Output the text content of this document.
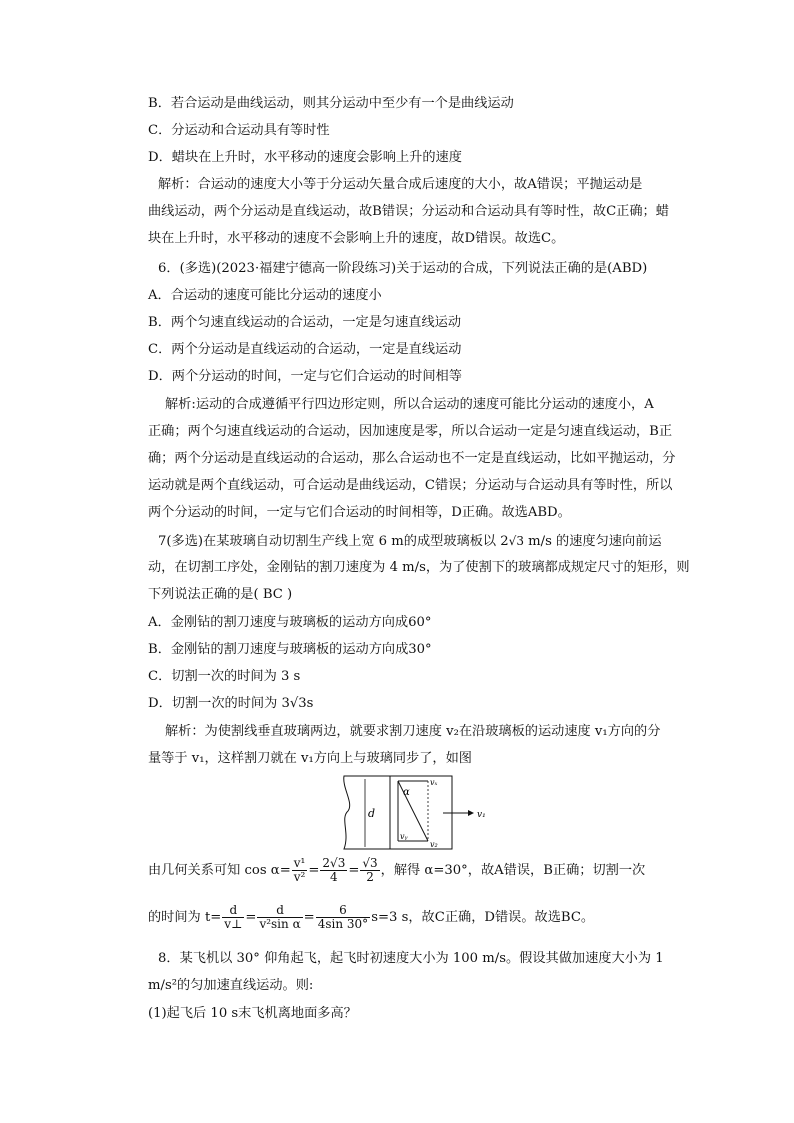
B．若合运动是曲线运动，则其分运动中至少有一个是曲线运动
C．分运动和合运动具有等时性
D．蜡块在上升时，水平移动的速度会影响上升的速度
解析：合运动的速度大小等于分运动矢量合成后速度的大小，故A错误；平抛运动是
曲线运动，两个分运动是直线运动，故B错误；分运动和合运动具有等时性，故C正确；蜡
块在上升时，水平移动的速度不会影响上升的速度，故D错误。故选C。
6．(多选)(2023·福建宁德高一阶段练习)关于运动的合成，下列说法正确的是(ABD)
A．合运动的速度可能比分运动的速度小
B．两个匀速直线运动的合运动，一定是匀速直线运动
C．两个分运动是直线运动的合运动，一定是直线运动
D．两个分运动的时间，一定与它们合运动的时间相等
解析:运动的合成遵循平行四边形定则，所以合运动的速度可能比分运动的速度小，A
正确；两个匀速直线运动的合运动，因加速度是零，所以合运动一定是匀速直线运动，B正
确；两个分运动是直线运动的合运动，那么合运动也不一定是直线运动，比如平抛运动，分
运动就是两个直线运动，可合运动是曲线运动，C错误；分运动与合运动具有等时性，所以
两个分运动的时间，一定与它们合运动的时间相等，D正确。故选ABD。
7(多选)在某玻璃自动切割生产线上宽 6 m的成型玻璃板以 2√3 m/s 的速度匀速向前运
动，在切割工序处，金刚钻的割刀速度为 4 m/s，为了使割下的玻璃都成规定尺寸的矩形，则
下列说法正确的是( BC )
A．金刚钻的割刀速度与玻璃板的运动方向成60°
B．金刚钻的割刀速度与玻璃板的运动方向成30°
C．切割一次的时间为 3 s
D．切割一次的时间为 3√3s
解析：为使割线垂直玻璃两边，就要求割刀速度 v₂在沿玻璃板的运动速度 v₁方向的分
量等于 v₁，这样割刀就在 v₁方向上与玻璃同步了，如图
d
α
vₓ
vᵧ
v₂
v₁
由几何关系可知 $\cos \alpha= \frac{\text{v¹}}{\text{v²}} = \frac{2√3}{4} = \frac{√3}{2}$ ，解得 α=30°，故A错误，B正确；切割一次
的时间为 $t= \frac{d}{v\perp} = \frac{d}{\text{v²sin α}} = \frac{6}{4\sin 30^\circ} s=3$ s，故C正确，D错误。故选BC。
8．某飞机以 30° 仰角起飞，起飞时初速度大小为 100 m/s。假设其做加速度大小为 1
m/s²的匀加速直线运动。则:
(1)起飞后 10 s末飞机离地面多高？
